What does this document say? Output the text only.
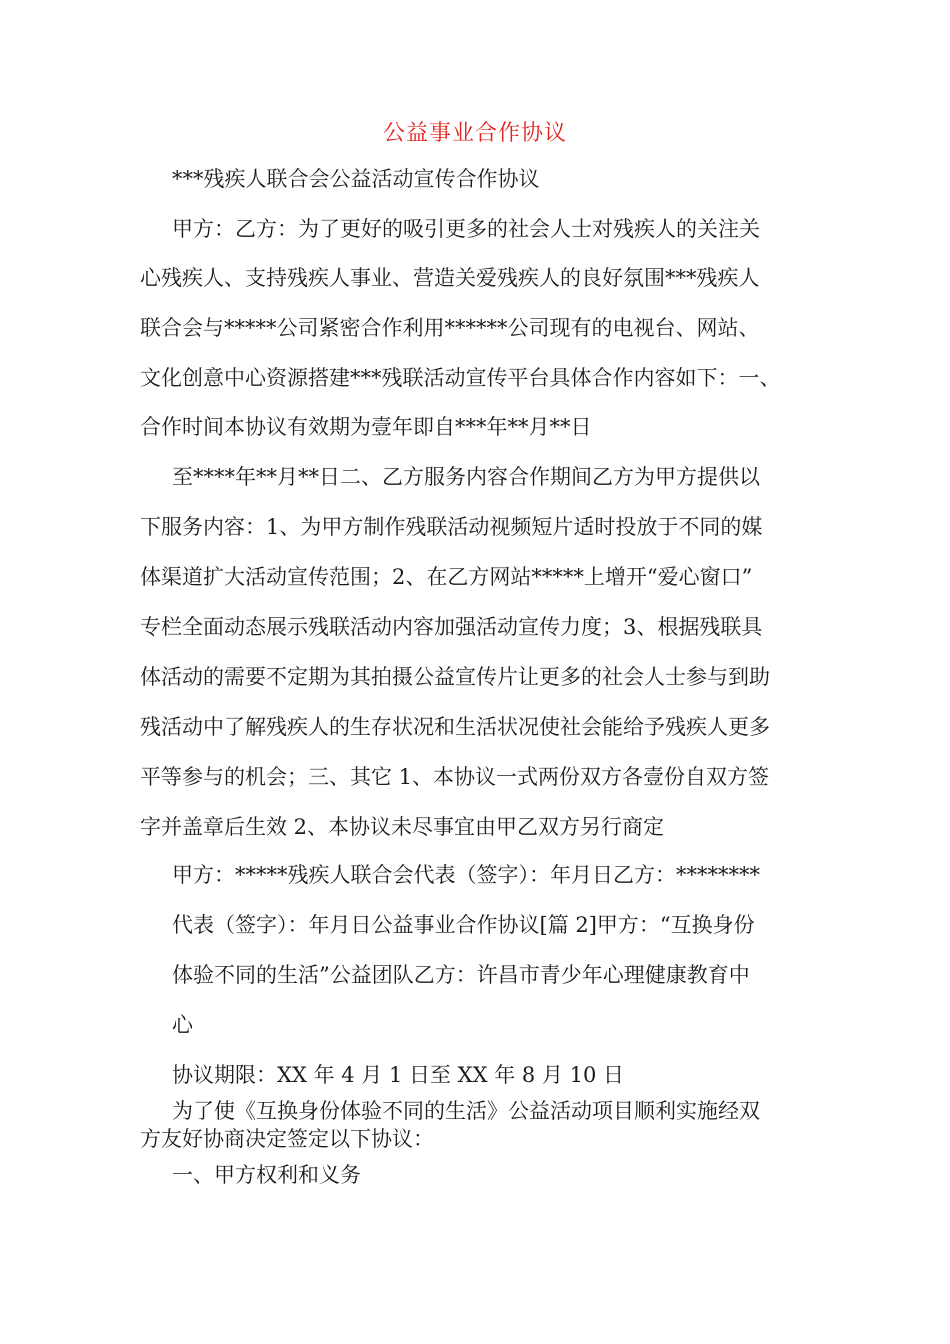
公益事业合作协议
***残疾人联合会公益活动宣传合作协议
甲方：乙方：为了更好的吸引更多的社会人士对残疾人的关注关
心残疾人、支持残疾人事业、营造关爱残疾人的良好氛围***残疾人
联合会与*****公司紧密合作利用******公司现有的电视台、网站、
文化创意中心资源搭建***残联活动宣传平台具体合作内容如下：一、
合作时间本协议有效期为壹年即自***年**月**日
至****年**月**日二、乙方服务内容合作期间乙方为甲方提供以
下服务内容：1、为甲方制作残联活动视频短片适时投放于不同的媒
体渠道扩大活动宣传范围；2、在乙方网站*****上增开“爱心窗口”
专栏全面动态展示残联活动内容加强活动宣传力度；3、根据残联具
体活动的需要不定期为其拍摄公益宣传片让更多的社会人士参与到助
残活动中了解残疾人的生存状况和生活状况使社会能给予残疾人更多
平等参与的机会；三、其它 1、本协议一式两份双方各壹份自双方签
字并盖章后生效 2、本协议未尽事宜由甲乙双方另行商定
甲方：*****残疾人联合会代表（签字）：年月日乙方：********
代表（签字）：年月日公益事业合作协议[篇 2]甲方：“互换身份
体验不同的生活”公益团队乙方：许昌市青少年心理健康教育中
心
协议期限：XX 年 4 月 1 日至 XX 年 8 月 10 日
为了使《互换身份体验不同的生活》公益活动项目顺利实施经双
方友好协商决定签定以下协议：
一、甲方权利和义务
